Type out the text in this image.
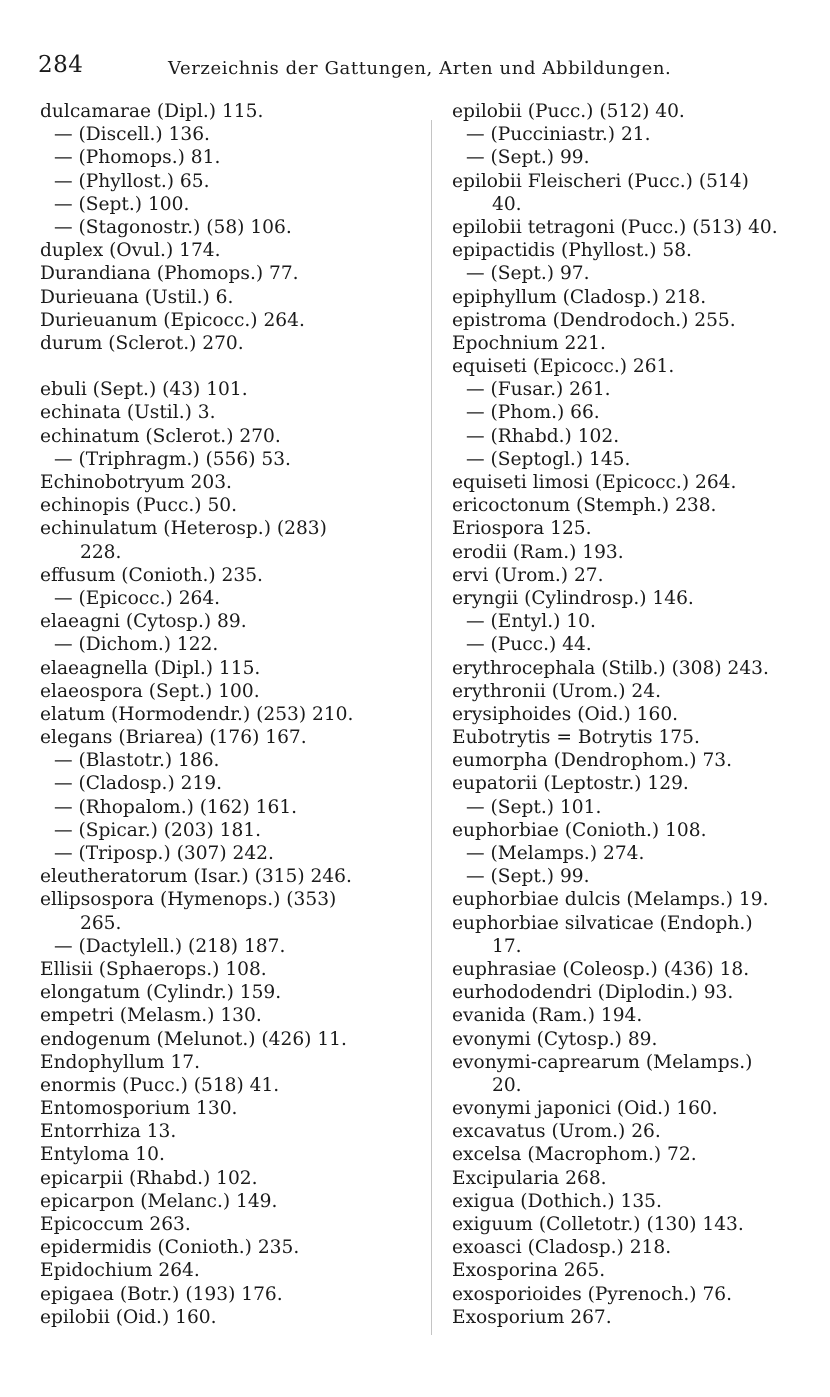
284	Verzeichnis der Gattungen, Arten und Abbildungen.
dulcamarae (Dipl.) 115.
— (Discell.) 136.
— (Phomops.) 81.
— (Phyllost.) 65.
— (Sept.) 100.
— (Stagonostr.) (58) 106.
duplex (Ovul.) 174.
Durandiana (Phomops.) 77.
Durieuana (Ustil.) 6.
Durieuanum (Epicocc.) 264.
durum (Sclerot.) 270.
ebuli (Sept.) (43) 101.
echinata (Ustil.) 3.
echinatum (Sclerot.) 270.
— (Triphragm.) (556) 53.
Echinobotryum 203.
echinopis (Pucc.) 50.
echinulatum (Heterosp.) (283)
228.
effusum (Conioth.) 235.
— (Epicocc.) 264.
elaeagni (Cytosp.) 89.
— (Dichom.) 122.
elaeagnella (Dipl.) 115.
elaeospora (Sept.) 100.
elatum (Hormodendr.) (253) 210.
elegans (Briarea) (176) 167.
— (Blastotr.) 186.
— (Cladosp.) 219.
— (Rhopalom.) (162) 161.
— (Spicar.) (203) 181.
— (Triposp.) (307) 242.
eleutheratorum (Isar.) (315) 246.
ellipsospora (Hymenops.) (353)
265.
— (Dactylell.) (218) 187.
Ellisii (Sphaerops.) 108.
elongatum (Cylindr.) 159.
empetri (Melasm.) 130.
endogenum (Melunot.) (426) 11.
Endophyllum 17.
enormis (Pucc.) (518) 41.
Entomosporium 130.
Entorrhiza 13.
Entyloma 10.
epicarpii (Rhabd.) 102.
epicarpon (Melanc.) 149.
Epicoccum 263.
epidermidis (Conioth.) 235.
Epidochium 264.
epigaea (Botr.) (193) 176.
epilobii (Oid.) 160.
epilobii (Pucc.) (512) 40.
— (Pucciniastr.) 21.
— (Sept.) 99.
epilobii Fleischeri (Pucc.) (514)
40.
epilobii tetragoni (Pucc.) (513) 40.
epipactidis (Phyllost.) 58.
— (Sept.) 97.
epiphyllum (Cladosp.) 218.
epistroma (Dendrodoch.) 255.
Epochnium 221.
equiseti (Epicocc.) 261.
— (Fusar.) 261.
— (Phom.) 66.
— (Rhabd.) 102.
— (Septogl.) 145.
equiseti limosi (Epicocc.) 264.
ericoctonum (Stemph.) 238.
Eriospora 125.
erodii (Ram.) 193.
ervi (Urom.) 27.
eryngii (Cylindrosp.) 146.
— (Entyl.) 10.
— (Pucc.) 44.
erythrocephala (Stilb.) (308) 243.
erythronii (Urom.) 24.
erysiphoides (Oid.) 160.
Eubotrytis = Botrytis 175.
eumorpha (Dendrophom.) 73.
eupatorii (Leptostr.) 129.
— (Sept.) 101.
euphorbiae (Conioth.) 108.
— (Melamps.) 274.
— (Sept.) 99.
euphorbiae dulcis (Melamps.) 19.
euphorbiae silvaticae (Endoph.)
17.
euphrasiae (Coleosp.) (436) 18.
eurhododendri (Diplodin.) 93.
evanida (Ram.) 194.
evonymi (Cytosp.) 89.
evonymi-caprearum (Melamps.)
20.
evonymi japonici (Oid.) 160.
excavatus (Urom.) 26.
excelsa (Macrophom.) 72.
Excipularia 268.
exigua (Dothich.) 135.
exiguum (Colletotr.) (130) 143.
exoasci (Cladosp.) 218.
Exosporina 265.
exosporioides (Pyrenoch.) 76.
Exosporium 267.
